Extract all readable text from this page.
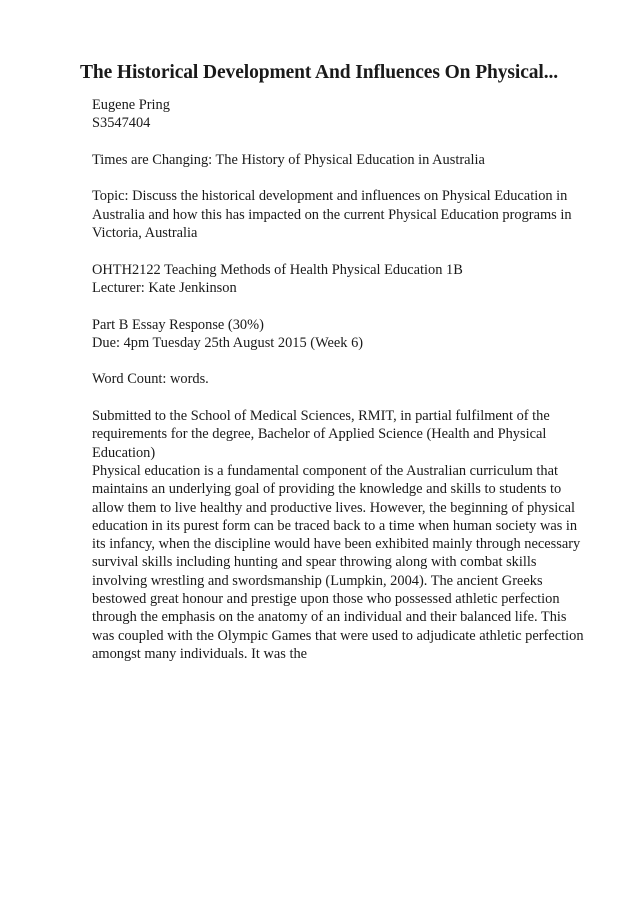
The Historical Development And Influences On Physical...
Eugene Pring
S3547404
Times are Changing: The History of Physical Education in Australia
Topic: Discuss the historical development and influences on Physical Education in
Australia and how this has impacted on the current Physical Education programs in
Victoria, Australia
OHTH2122 Teaching Methods of Health Physical Education 1B
Lecturer: Kate Jenkinson
Part B Essay Response (30%)
Due: 4pm Tuesday 25th August 2015 (Week 6)
Word Count: words.
Submitted to the School of Medical Sciences, RMIT, in partial fulfilment of the
requirements for the degree, Bachelor of Applied Science (Health and Physical
Education)
Physical education is a fundamental component of the Australian curriculum that
maintains an underlying goal of providing the knowledge and skills to students to
allow them to live healthy and productive lives. However, the beginning of physical
education in its purest form can be traced back to a time when human society was in
its infancy, when the discipline would have been exhibited mainly through necessary
survival skills including hunting and spear throwing along with combat skills
involving wrestling and swordsmanship (Lumpkin, 2004). The ancient Greeks
bestowed great honour and prestige upon those who possessed athletic perfection
through the emphasis on the anatomy of an individual and their balanced life. This
was coupled with the Olympic Games that were used to adjudicate athletic perfection
amongst many individuals. It was the
